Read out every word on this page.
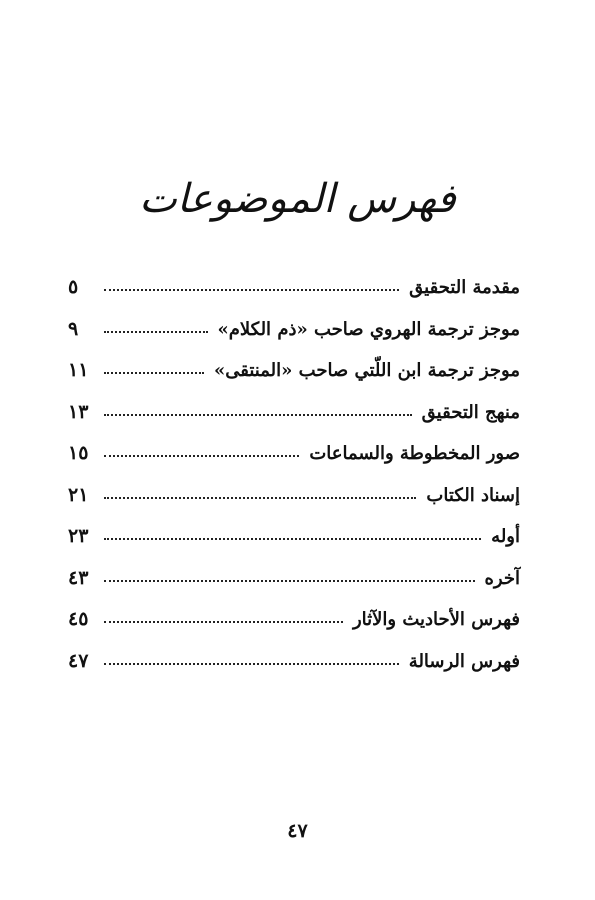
فهرس الموضوعات
مقدمة التحقيق
٥
موجز ترجمة الهروي صاحب «ذم الكلام»
٩
موجز ترجمة ابن اللّتي صاحب «المنتقى»
١١
منهج التحقيق
١٣
صور المخطوطة والسماعات
١٥
إسناد الكتاب
٢١
أوله
٢٣
آخره
٤٣
فهرس الأحاديث والآثار
٤٥
فهرس الرسالة
٤٧
٤٧
